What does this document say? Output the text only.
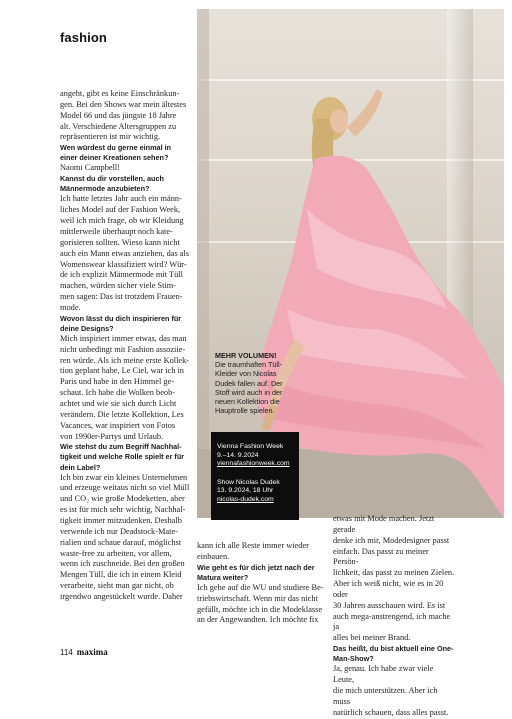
fashion
angeht, gibt es keine Einschränkun-
gen. Bei den Shows war mein ältestes
Model 66 und das jüngste 18 Jahre
alt. Verschiedene Altersgruppen zu
repräsentieren ist mir wichtig.
Wen würdest du gerne einmal in
einer deiner Kreationen sehen?
Naomi Campbell!
Kannst du dir vorstellen, auch
Männermode anzubieten?
Ich hatte letztes Jahr auch ein männ-
liches Model auf der Fashion Week,
weil ich mich frage, ob wir Kleidung
mittlerweile überhaupt noch kate-
gorisieren sollten. Wieso kann nicht
auch ein Mann etwas anziehen, das als
Womenswear klassifiziert wird? Wür-
de ich explizit Männermode mit Tüll
machen, würden sicher viele Stim-
men sagen: Das ist trotzdem Frauen-
mode.
Wovon lässt du dich inspirieren für
deine Designs?
Mich inspiriert immer etwas, das man
nicht unbedingt mit Fashion assoziie-
ren würde. Als ich meine erste Kollek-
tion geplant habe, Le Ciel, war ich in
Paris und habe in den Himmel ge-
schaut. Ich habe die Wolken beob-
achtet und wie sie sich durch Licht
verändern. Die letzte Kollektion, Les
Vacances, war inspiriert von Fotos
von 1990er-Partys und Urlaub.
Wie stehst du zum Begriff Nachhal-
tigkeit und welche Rolle spielt er für
dein Label?
Ich bin zwar ein kleines Unternehmen
und erzeuge weitaus nicht so viel Müll
und CO₂ wie große Modeketten, aber
es ist für mich sehr wichtig, Nachhal-
tigkeit immer mitzudenken. Deshalb
verwende ich nur Deadstock-Mate-
rialien und schaue darauf, möglichst
waste-free zu arbeiten, vor allem,
wenn ich zuschneide. Bei den großen
Mengen Tüll, die ich in einem Kleid
verarbeite, sieht man gar nicht, ob
irgendwo angestückelt wurde. Daher
MEHR VOLUMEN!
Die traumhaften Tüll-
Kleider von Nicolas
Dudek fallen auf. Der
Stoff wird auch in der
neuen Kollektion die
Hauptrolle spielen.
Vienna Fashion Week
9.–14. 9.2024
viennafashionweek.com
Show Nicolas Dudek
13. 9.2024, 18 Uhr
nicolas-dudek.com
kann ich alle Reste immer wieder
einbauen.
Wie geht es für dich jetzt nach der
Matura weiter?
Ich gehe auf die WU und studiere Be-
triebswirtschaft. Wenn mir das nicht
gefällt, möchte ich in die Modeklasse
an der Angewandten. Ich möchte fix
etwas mit Mode machen. Jetzt gerade
denke ich mir, Modedesigner passt
einfach. Das passt zu meiner Persön-
lichkeit, das passt zu meinen Zielen.
Aber ich weiß nicht, wie es in 20 oder
30 Jahren ausschauen wird. Es ist
auch mega-anstrengend, ich mache ja
alles bei meiner Brand.
Das heißt, du bist aktuell eine One-
Man-Show?
Ja, genau. Ich habe zwar viele Leute,
die mich unterstützen. Aber ich muss
natürlich schauen, dass alles passt.
114 maxima
